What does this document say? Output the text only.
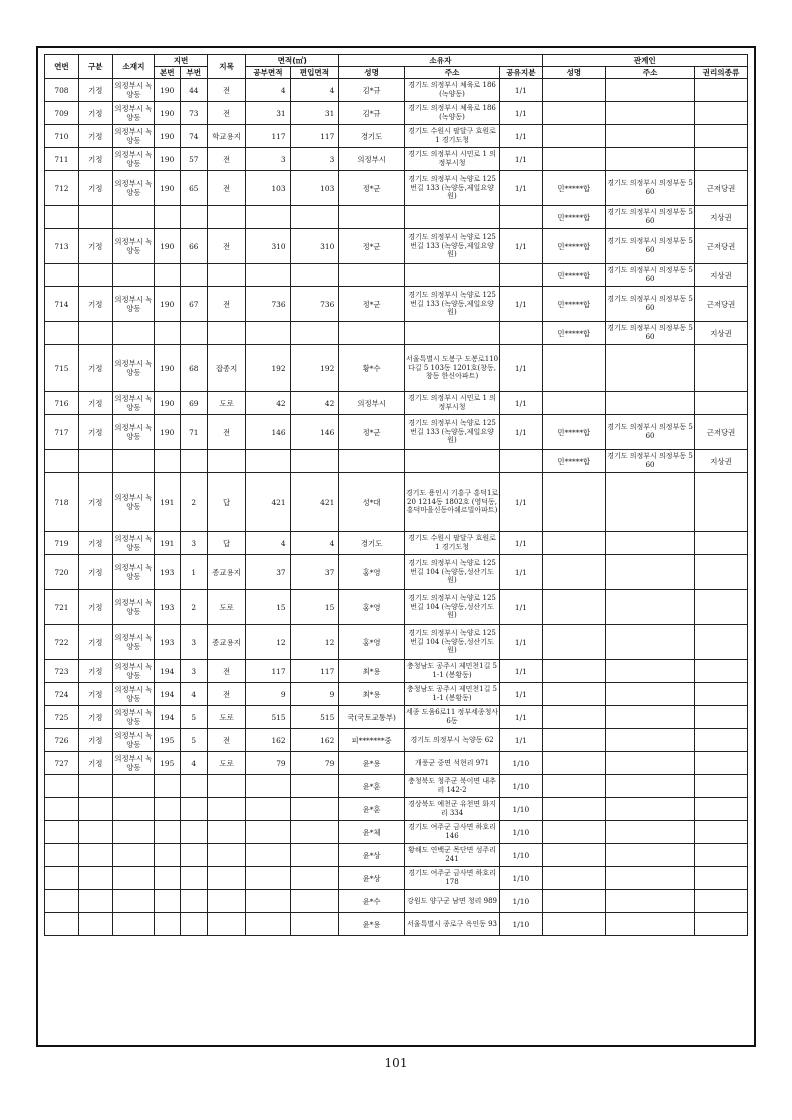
연번	구분	소재지	지번		지목	면적(㎡)		소유자			관계인		
			본번	부번		공부면적	편입면적	성명	주소	공유지분	성명	주소	권리의종류
708	기정	의정부시 녹양동	190	44	전	4	4	김*규	경기도 의정부시 체육로 186 (녹양동)	1/1			
709	기정	의정부시 녹양동	190	73	전	31	31	김*규	경기도 의정부시 체육로 186 (녹양동)	1/1			
710	기정	의정부시 녹양동	190	74	학교용지	117	117	경기도	경기도 수원시 팔달구 효원로 1 경기도청	1/1			
711	기정	의정부시 녹양동	190	57	전	3	3	의정부시	경기도 의정부시 시민로 1 의정부시청	1/1			
712	기정	의정부시 녹양동	190	65	전	103	103	정*군	경기도 의정부시 녹양로 125번길 133 (녹양동,제일요양원)	1/1	민*****합	경기도 의정부시 의정부동 560	근저당권
											민*****합	경기도 의정부시 의정부동 560	지상권
713	기정	의정부시 녹양동	190	66	전	310	310	정*군	경기도 의정부시 녹양로 125번길 133 (녹양동,제일요양원)	1/1	민*****합	경기도 의정부시 의정부동 560	근저당권
											민*****합	경기도 의정부시 의정부동 560	지상권
714	기정	의정부시 녹양동	190	67	전	736	736	정*군	경기도 의정부시 녹양로 125번길 133 (녹양동,제일요양원)	1/1	민*****합	경기도 의정부시 의정부동 560	근저당권
											민*****합	경기도 의정부시 의정부동 560	지상권
715	기정	의정부시 녹양동	190	68	잡종지	192	192	황*수	서울특별시 도봉구 도봉로110다길 5 103동 1201호(창동,창동 한신아파트)	1/1			
716	기정	의정부시 녹양동	190	69	도로	42	42	의정부시	경기도 의정부시 시민로 1 의정부시청	1/1			
717	기정	의정부시 녹양동	190	71	전	146	146	정*군	경기도 의정부시 녹양로 125번길 133 (녹양동,제일요양원)	1/1	민*****합	경기도 의정부시 의정부동 560	근저당권
											민*****합	경기도 의정부시 의정부동 560	지상권
718	기정	의정부시 녹양동	191	2	답	421	421	성*대	경기도 용인시 기흥구 흥덕1로 20 1214동 1802호 (영덕동,흥덕마을신동아쉐르빌아파트)	1/1			
719	기정	의정부시 녹양동	191	3	답	4	4	경기도	경기도 수원시 팔달구 효원로 1 경기도청	1/1			
720	기정	의정부시 녹양동	193	1	종교용지	37	37	홍*영	경기도 의정부시 녹양로 125번길 104 (녹양동,성산기도원)	1/1			
721	기정	의정부시 녹양동	193	2	도로	15	15	홍*영	경기도 의정부시 녹양로 125번길 104 (녹양동,성산기도원)	1/1			
722	기정	의정부시 녹양동	193	3	종교용지	12	12	홍*영	경기도 의정부시 녹양로 125번길 104 (녹양동,성산기도원)	1/1			
723	기정	의정부시 녹양동	194	3	전	117	117	최*용	충청남도 공주시 제민천1길 51-1 (봉황동)	1/1			
724	기정	의정부시 녹양동	194	4	전	9	9	최*용	충청남도 공주시 제민천1길 51-1 (봉황동)	1/1			
725	기정	의정부시 녹양동	194	5	도로	515	515	국(국토교통부)	세종 도움6로11 정부세종청사 6동	1/1			
726	기정	의정부시 녹양동	195	5	전	162	162	피*******중	경기도 의정부시 녹양동 62	1/1			
727	기정	의정부시 녹양동	195	4	도로	79	79	윤*용	개풍군 중면 석현리 971	1/10			
								윤*훈	충청북도 청주군 북이면 내추리 142-2	1/10			
								윤*훈	경상북도 예천군 유천면 화지리 334	1/10			
								윤*체	경기도 여주군 금사면 하호리 146	1/10			
								윤*상	황해도 연백군 목단면 성주리 241	1/10			
								윤*상	경기도 여주군 금사면 하호리 178	1/10			
								윤*수	강원도 양구군 남면 청리 989	1/10			
								윤*용	서울특별시 종로구 옥인동 93	1/10			
101
